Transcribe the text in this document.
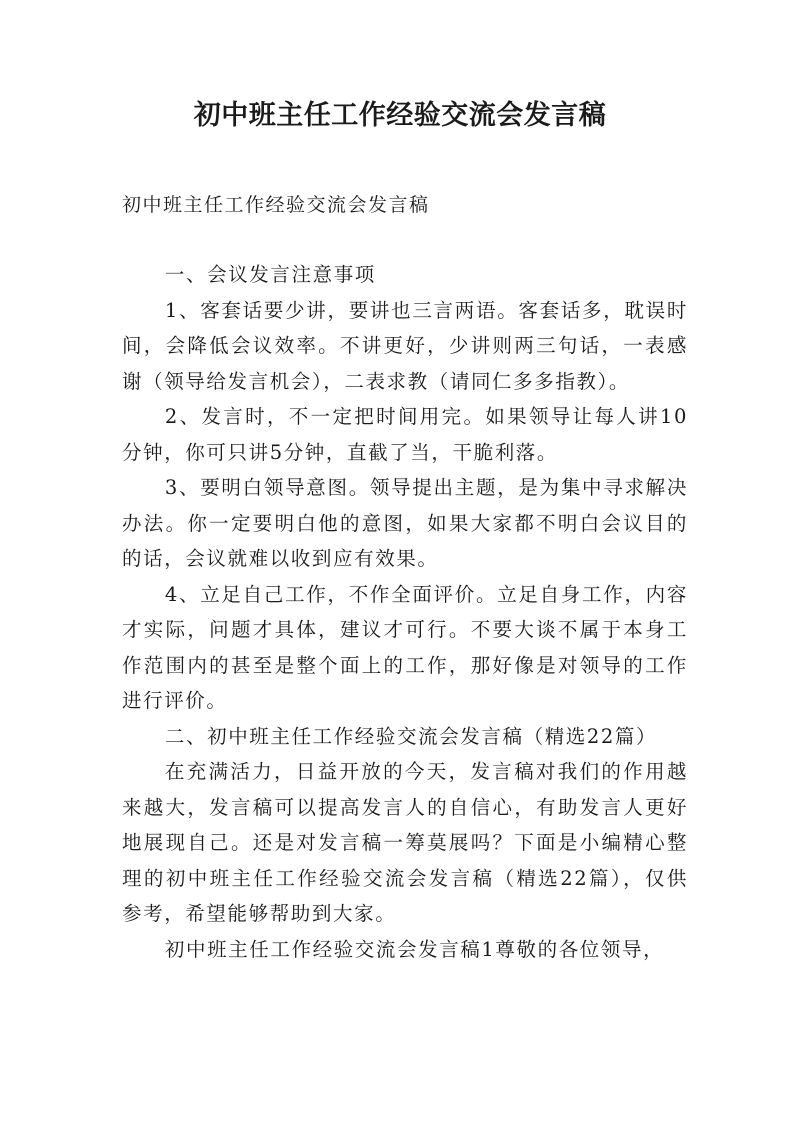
初中班主任工作经验交流会发言稿
初中班主任工作经验交流会发言稿

一、会议发言注意事项

1、客套话要少讲，要讲也三言两语。客套话多，耽误时间，会降低会议效率。不讲更好，少讲则两三句话，一表感谢（领导给发言机会），二表求教（请同仁多多指教）。

2、发言时，不一定把时间用完。如果领导让每人讲10分钟，你可只讲5分钟，直截了当，干脆利落。

3、要明白领导意图。领导提出主题，是为集中寻求解决办法。你一定要明白他的意图，如果大家都不明白会议目的的话，会议就难以收到应有效果。

4、立足自己工作，不作全面评价。立足自身工作，内容才实际，问题才具体，建议才可行。不要大谈不属于本身工作范围内的甚至是整个面上的工作，那好像是对领导的工作进行评价。

二、初中班主任工作经验交流会发言稿（精选22篇）

在充满活力，日益开放的今天，发言稿对我们的作用越来越大，发言稿可以提高发言人的自信心，有助发言人更好地展现自己。还是对发言稿一筹莫展吗？下面是小编精心整理的初中班主任工作经验交流会发言稿（精选22篇），仅供参考，希望能够帮助到大家。

初中班主任工作经验交流会发言稿1尊敬的各位领导，
